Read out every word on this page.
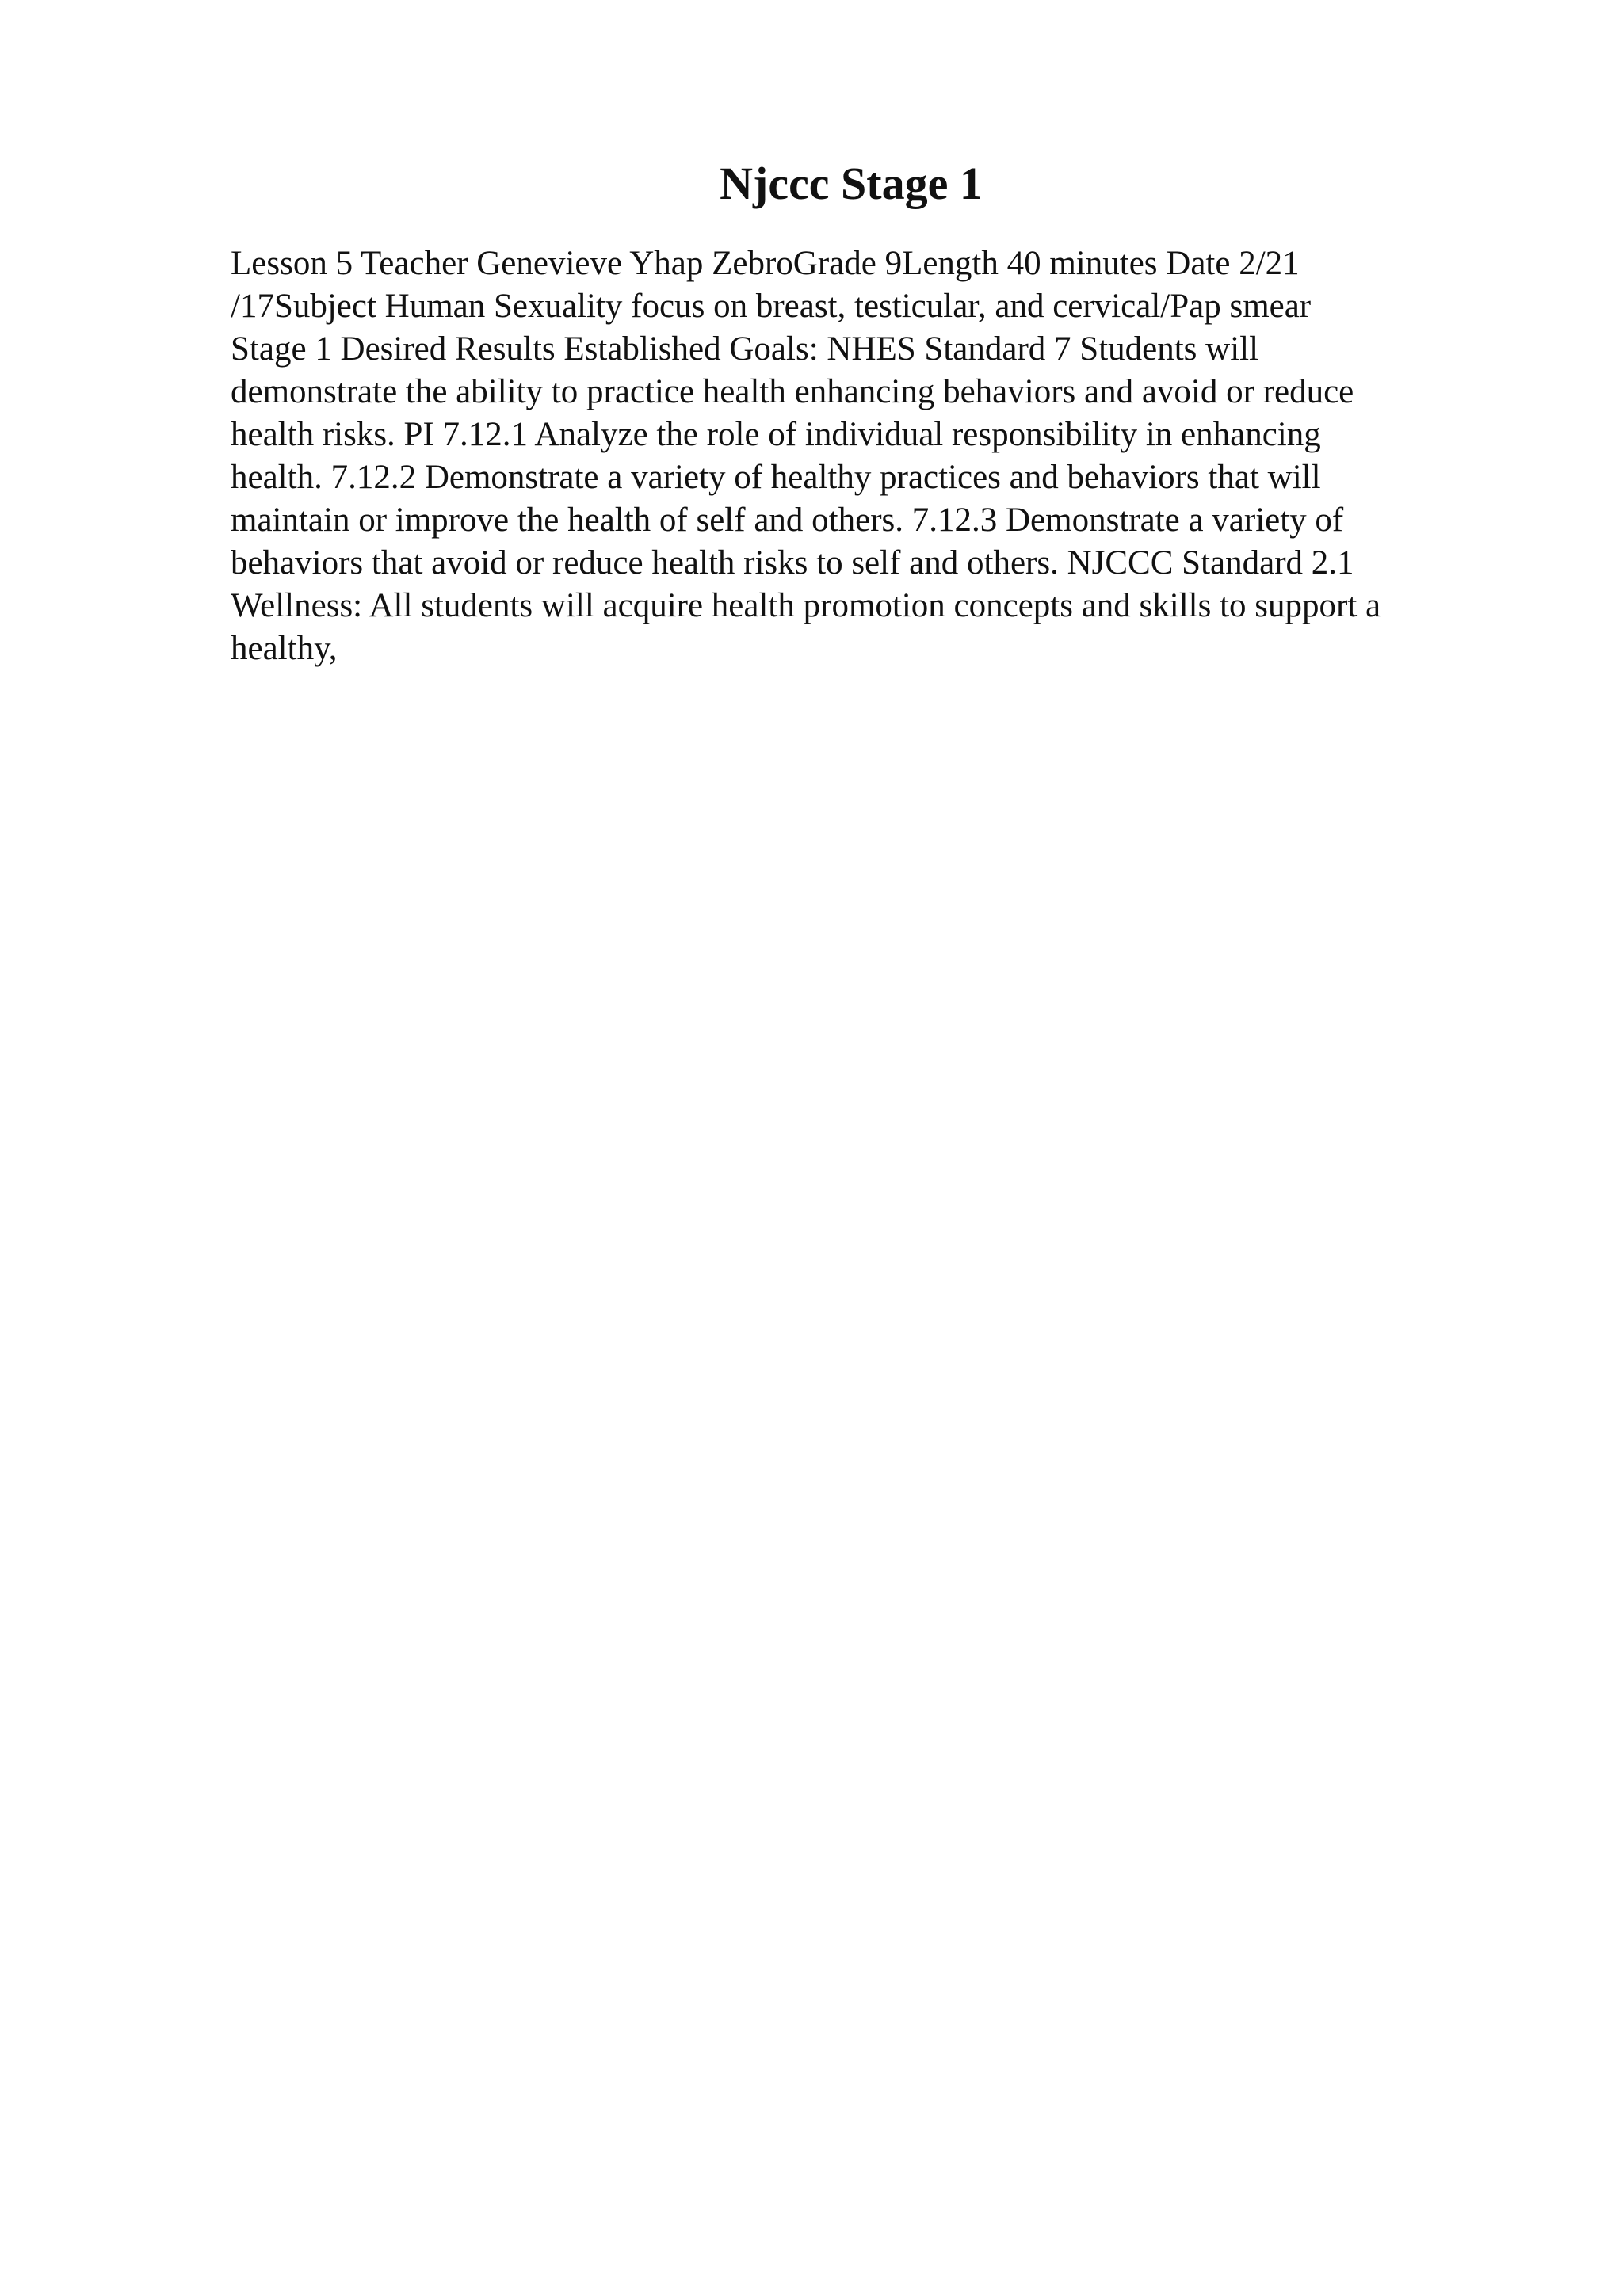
Njccc Stage 1
Lesson 5 Teacher Genevieve Yhap ZebroGrade 9Length 40 minutes Date 2/21
/17Subject Human Sexuality focus on breast, testicular, and cervical/Pap smear
Stage 1 Desired Results Established Goals: NHES Standard 7 Students will
demonstrate the ability to practice health enhancing behaviors and avoid or reduce
health risks. PI 7.12.1 Analyze the role of individual responsibility in enhancing
health. 7.12.2 Demonstrate a variety of healthy practices and behaviors that will
maintain or improve the health of self and others. 7.12.3 Demonstrate a variety of
behaviors that avoid or reduce health risks to self and others. NJCCC Standard 2.1
Wellness: All students will acquire health promotion concepts and skills to support a
healthy,
